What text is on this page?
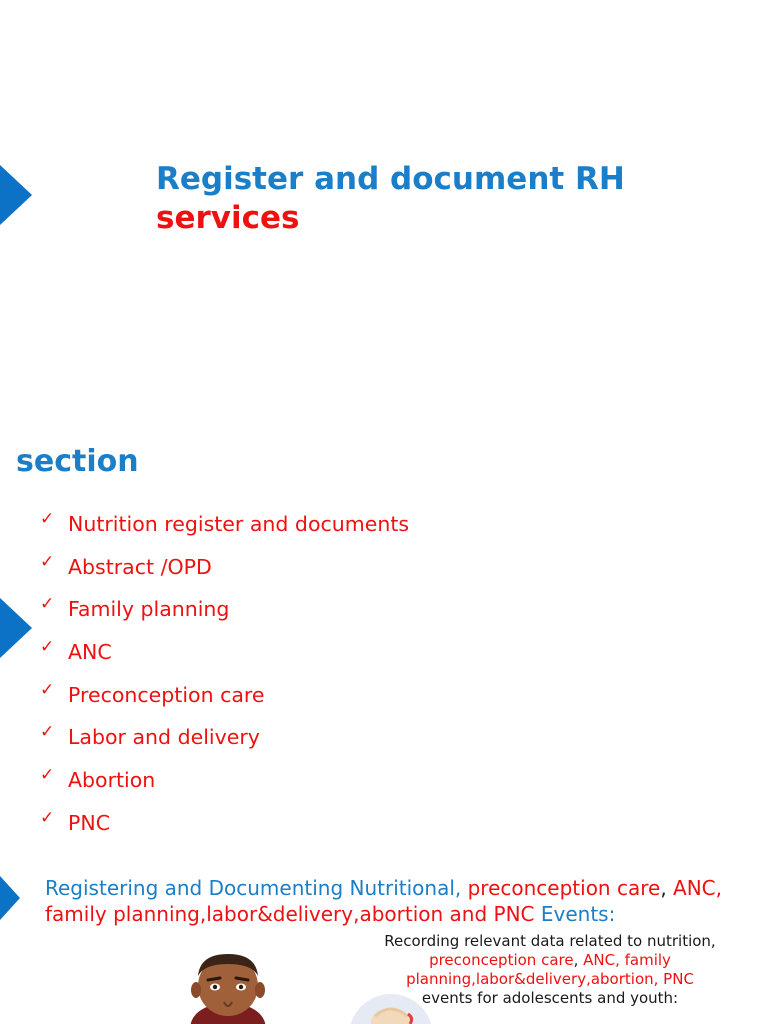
Register and document RH
services
section
✓ Nutrition register and documents
✓ Abstract /OPD
✓ Family planning
✓ ANC
✓ Preconception care
✓ Labor and delivery
✓ Abortion
✓ PNC

Registering and Documenting Nutritional, preconception care, ANC, family planning,labor&delivery,abortion and PNC Events:

Recording relevant data related to nutrition,
preconception care, ANC, family planning,labor&delivery,abortion, PNC
events for adolescents and youth:
